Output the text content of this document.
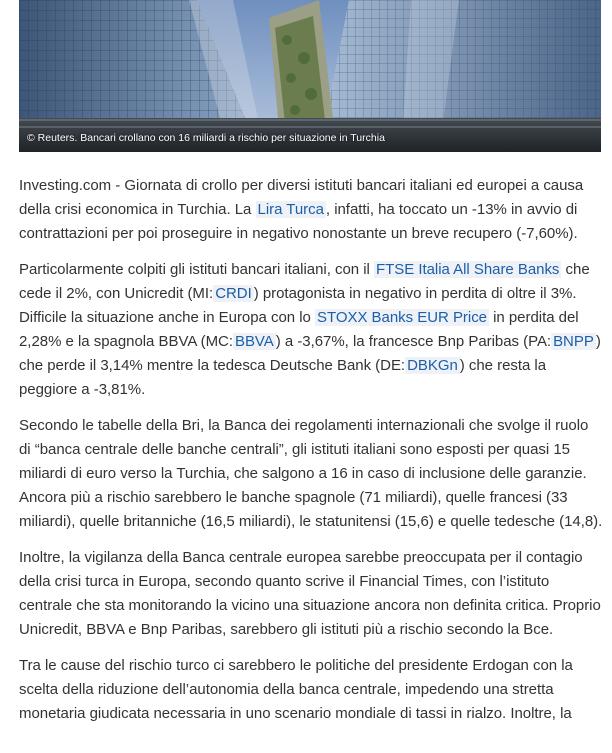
© Reuters. Bancari crollano con 16 miliardi a rischio per situazione in Turchia

Investing.com - Giornata di crollo per diversi istituti bancari italiani ed europei a causa della crisi economica in Turchia. La Lira Turca , infatti, ha toccato un -13% in avvio di contrattazioni per poi proseguire in negativo nonostante un breve recupero (-7,60%).

Particolarmente colpiti gli istituti bancari italiani, con il FTSE Italia All Share Banks che cede il 2%, con Unicredit (MI: CRDI ) protagonista in negativo in perdita di oltre il 3%. Difficile la situazione anche in Europa con lo STOXX Banks EUR Price in perdita del 2,28% e la spagnola BBVA (MC: BBVA ) a -3,67%, la francesce Bnp Paribas (PA: BNPP ) che perde il 3,14% mentre la tedesca Deutsche Bank (DE: DBKGn ) che resta la peggiore a -3,81%.

Secondo le tabelle della Bri, la Banca dei regolamenti internazionali che svolge il ruolo di “banca centrale delle banche centrali”, gli istituti italiani sono esposti per quasi 15 miliardi di euro verso la Turchia, che salgono a 16 in caso di inclusione delle garanzie. Ancora più a rischio sarebbero le banche spagnole (71 miliardi), quelle francesi (33 miliardi), quelle britanniche (16,5 miliardi), le statunitensi (15,6) e quelle tedesche (14,8).

Inoltre, la vigilanza della Banca centrale europea sarebbe preoccupata per il contagio della crisi turca in Europa, secondo quanto scrive il Financial Times, con l’istituto centrale che sta monitorando la vicino una situazione ancora non definita critica. Proprio Unicredit, BBVA e Bnp Paribas, sarebbero gli istituti più a rischio secondo la Bce.

Tra le cause del rischio turco ci sarebbero le politiche del presidente Erdogan con la scelta della riduzione dell’autonomia della banca centrale, impedendo una stretta monetaria giudicata necessaria in uno scenario mondiale di tassi in rialzo. Inoltre, la
